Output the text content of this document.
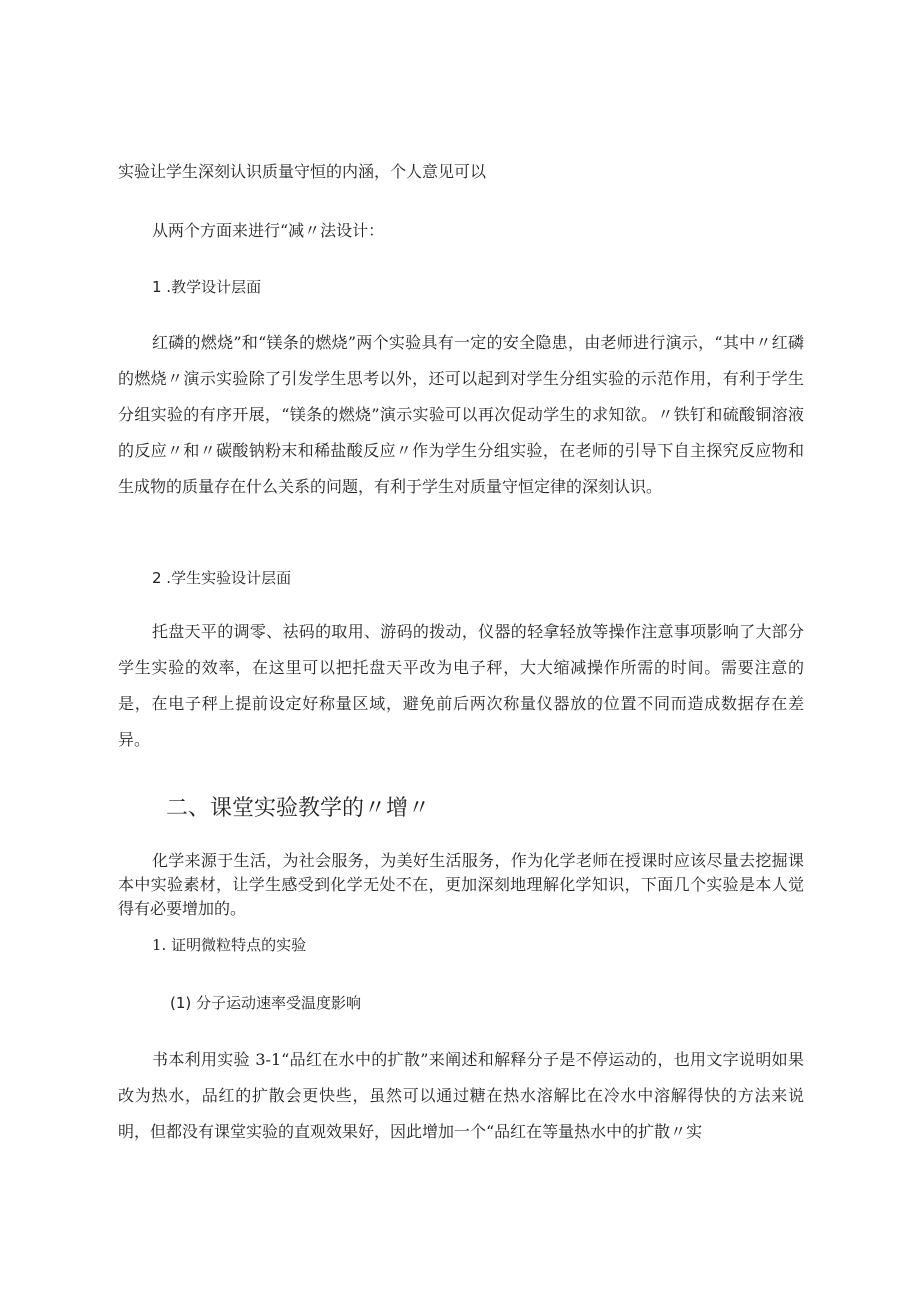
实验让学生深刻认识质量守恒的内涵，个人意见可以
从两个方面来进行“减〃法设计：
1 .教学设计层面
红磷的燃烧”和“镁条的燃烧”两个实验具有一定的安全隐患，由老师进行演示，“其中〃红磷的燃烧〃演示实验除了引发学生思考以外，还可以起到对学生分组实验的示范作用，有利于学生分组实验的有序开展，“镁条的燃烧”演示实验可以再次促动学生的求知欲。〃铁钉和硫酸铜溶液的反应〃和〃碳酸钠粉末和稀盐酸反应〃作为学生分组实验，在老师的引导下自主探究反应物和生成物的质量存在什么关系的问题，有利于学生对质量守恒定律的深刻认识。
2 .学生实验设计层面
托盘天平的调零、祛码的取用、游码的拨动，仪器的轻拿轻放等操作注意事项影响了大部分学生实验的效率，在这里可以把托盘天平改为电子秤，大大缩减操作所需的时间。需要注意的是，在电子秤上提前设定好称量区域，避免前后两次称量仪器放的位置不同而造成数据存在差异。
二、课堂实验教学的〃增〃
化学来源于生活，为社会服务，为美好生活服务，作为化学老师在授课时应该尽量去挖掘课本中实验素材，让学生感受到化学无处不在，更加深刻地理解化学知识，下面几个实验是本人觉得有必要增加的。
1. 证明微粒特点的实验
(1) 分子运动速率受温度影响
书本利用实验 3-1“品红在水中的扩散”来阐述和解释分子是不停运动的，也用文字说明如果改为热水，品红的扩散会更快些，虽然可以通过糖在热水溶解比在冷水中溶解得快的方法来说明，但都没有课堂实验的直观效果好，因此增加一个“品红在等量热水中的扩散〃实
